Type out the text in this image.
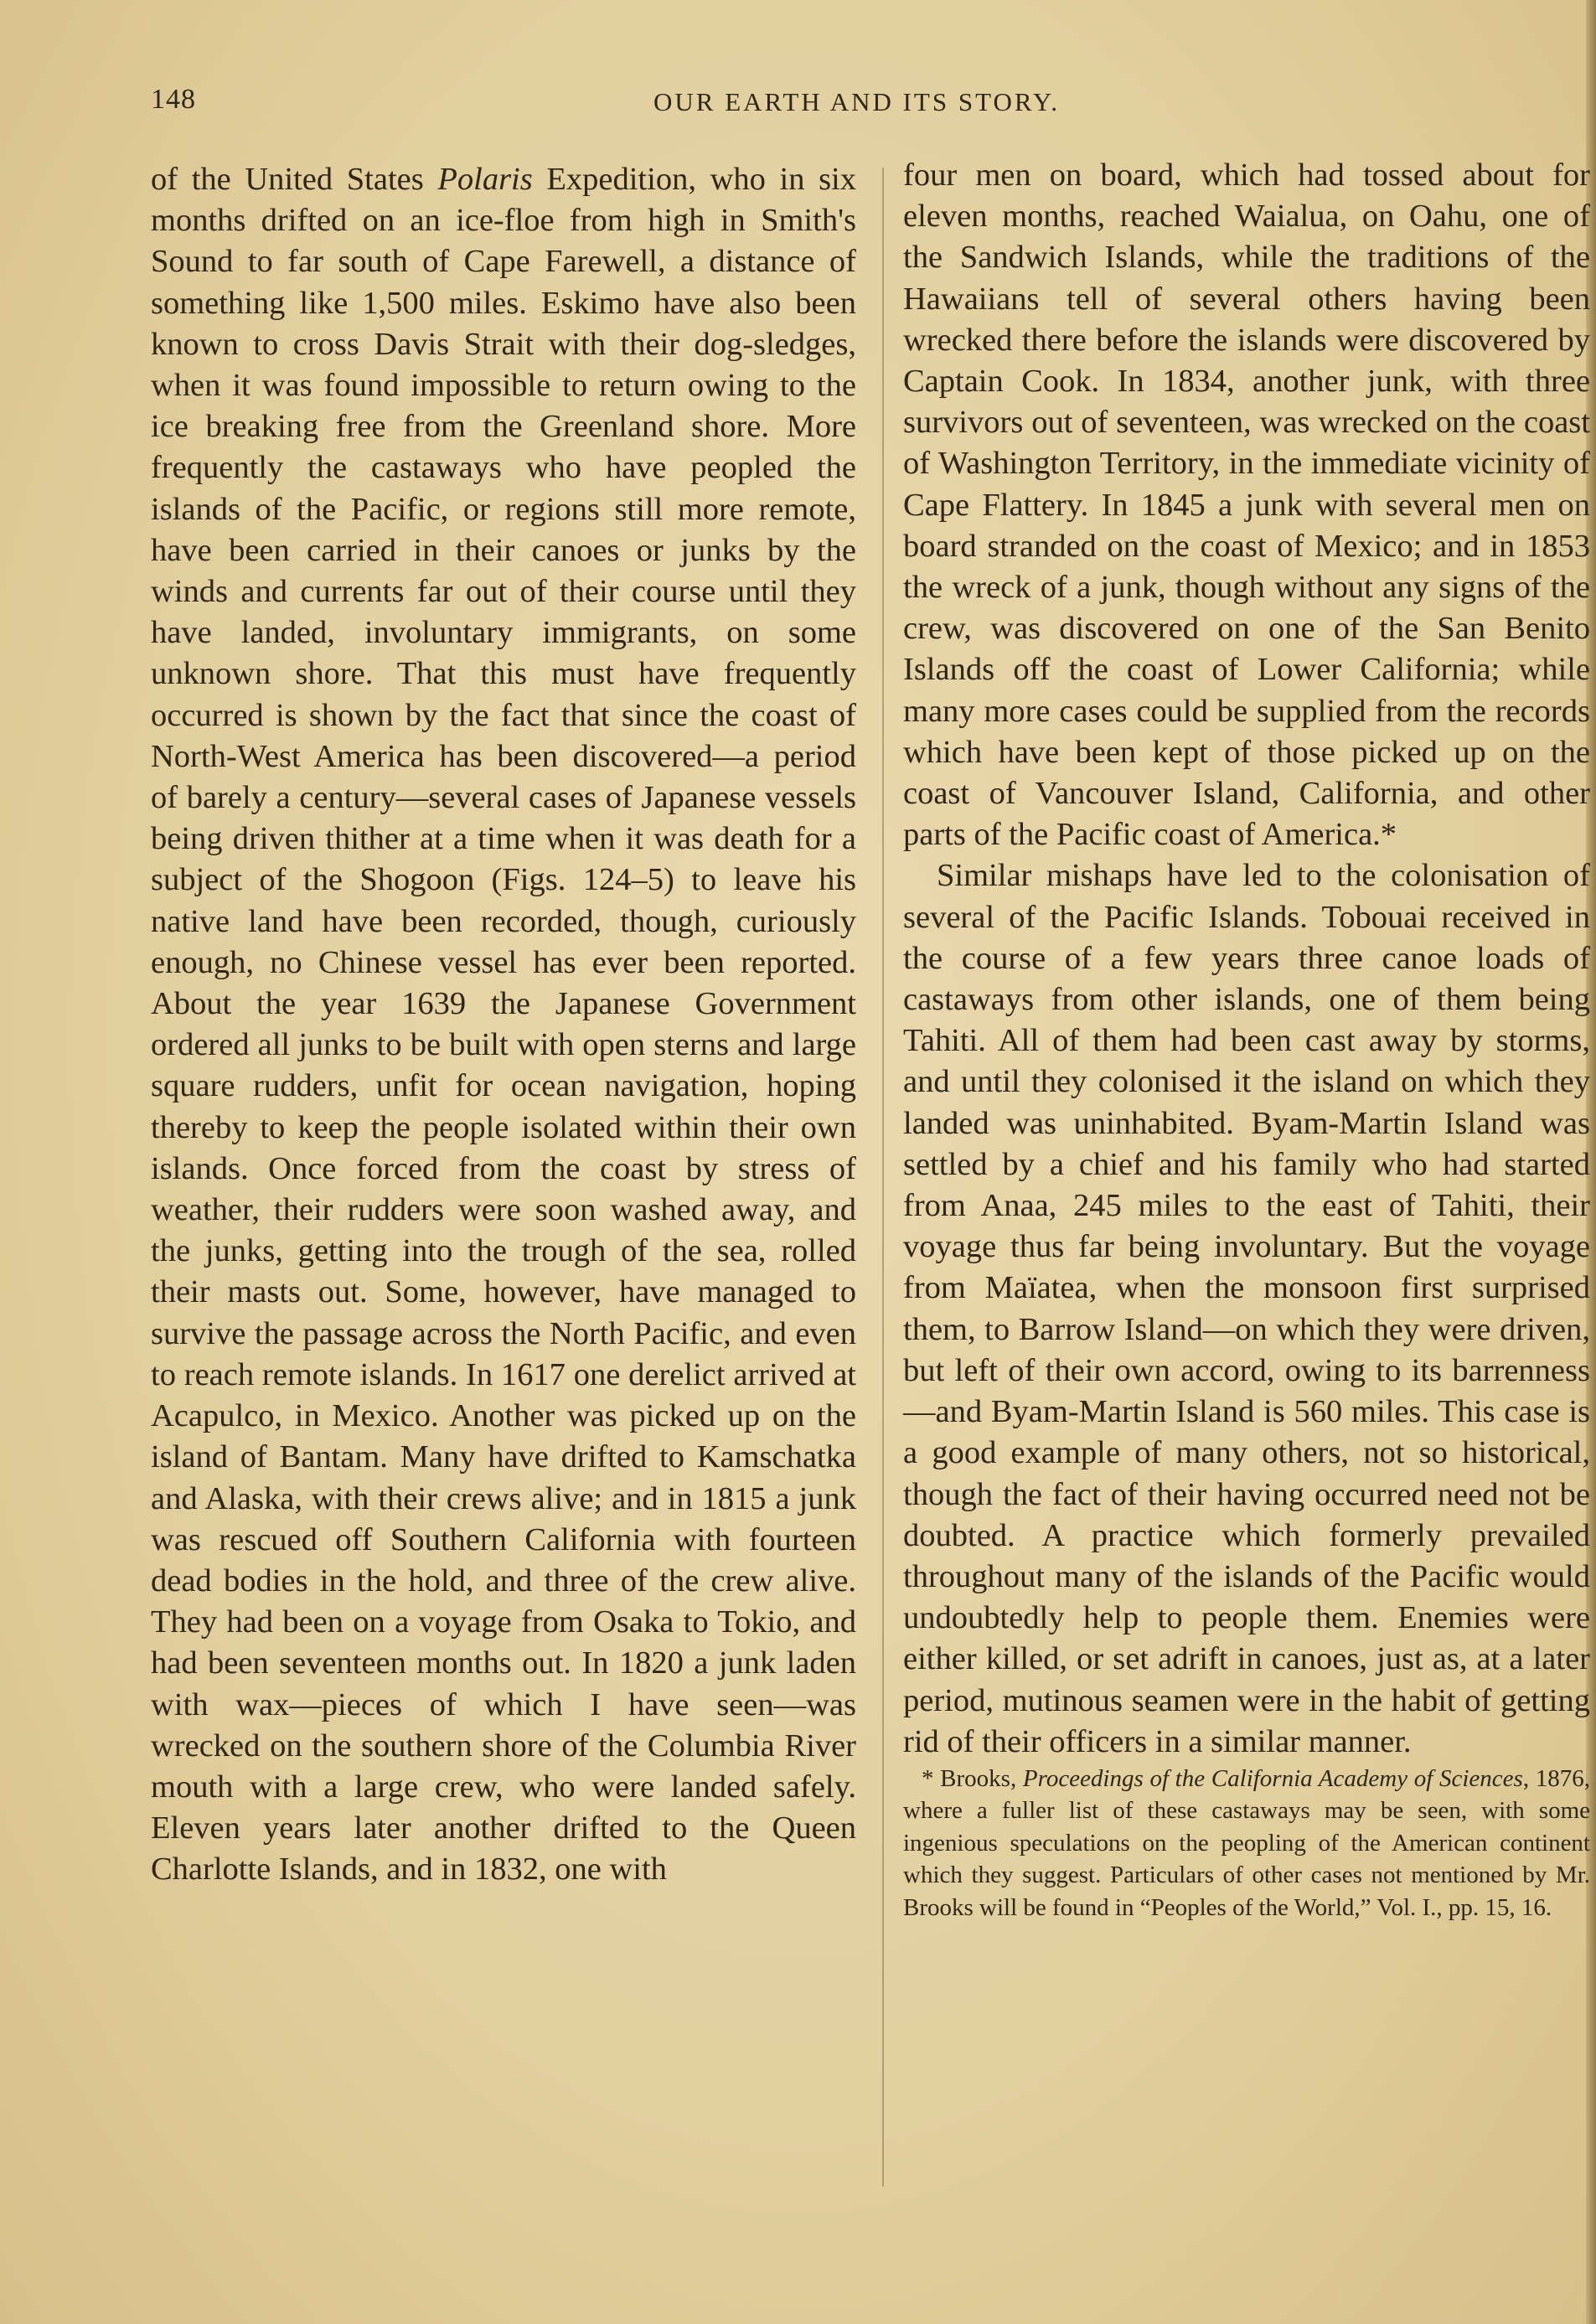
148	OUR EARTH AND ITS STORY.

of the United States Polaris Expedition, who in six months drifted on an ice-floe from high in Smith's Sound to far south of Cape Farewell, a distance of something like 1,500 miles. Eskimo have also been known to cross Davis Strait with their dog-sledges, when it was found impossible to return owing to the ice breaking free from the Greenland shore. More frequently the castaways who have peopled the islands of the Pacific, or regions still more remote, have been carried in their canoes or junks by the winds and currents far out of their course until they have landed, involuntary immigrants, on some unknown shore. That this must have frequently occurred is shown by the fact that since the coast of North-West America has been discovered—a period of barely a century—several cases of Japanese vessels being driven thither at a time when it was death for a subject of the Shogoon (Figs. 124–5) to leave his native land have been recorded, though, curiously enough, no Chinese vessel has ever been reported. About the year 1639 the Japanese Government ordered all junks to be built with open sterns and large square rudders, unfit for ocean navigation, hoping thereby to keep the people isolated within their own islands. Once forced from the coast by stress of weather, their rudders were soon washed away, and the junks, getting into the trough of the sea, rolled their masts out. Some, however, have managed to survive the passage across the North Pacific, and even to reach remote islands. In 1617 one derelict arrived at Acapulco, in Mexico. Another was picked up on the island of Bantam. Many have drifted to Kamschatka and Alaska, with their crews alive; and in 1815 a junk was rescued off Southern California with fourteen dead bodies in the hold, and three of the crew alive. They had been on a voyage from Osaka to Tokio, and had been seventeen months out. In 1820 a junk laden with wax—pieces of which I have seen—was wrecked on the southern shore of the Columbia River mouth with a large crew, who were landed safely. Eleven years later another drifted to the Queen Charlotte Islands, and in 1832, one with

four men on board, which had tossed about for eleven months, reached Waialua, on Oahu, one of the Sandwich Islands, while the traditions of the Hawaiians tell of several others having been wrecked there before the islands were discovered by Captain Cook. In 1834, another junk, with three survivors out of seventeen, was wrecked on the coast of Washington Territory, in the immediate vicinity of Cape Flattery. In 1845 a junk with several men on board stranded on the coast of Mexico; and in 1853 the wreck of a junk, though without any signs of the crew, was discovered on one of the San Benito Islands off the coast of Lower California; while many more cases could be supplied from the records which have been kept of those picked up on the coast of Vancouver Island, California, and other parts of the Pacific coast of America.*

Similar mishaps have led to the colonisation of several of the Pacific Islands. Tobouai received in the course of a few years three canoe loads of castaways from other islands, one of them being Tahiti. All of them had been cast away by storms, and until they colonised it the island on which they landed was uninhabited. Byam-Martin Island was settled by a chief and his family who had started from Anaa, 245 miles to the east of Tahiti, their voyage thus far being involuntary. But the voyage from Maïatea, when the monsoon first surprised them, to Barrow Island—on which they were driven, but left of their own accord, owing to its barrenness—and Byam-Martin Island is 560 miles. This case is a good example of many others, not so historical, though the fact of their having occurred need not be doubted. A practice which formerly prevailed throughout many of the islands of the Pacific would undoubtedly help to people them. Enemies were either killed, or set adrift in canoes, just as, at a later period, mutinous seamen were in the habit of getting rid of their officers in a similar manner.

* Brooks, Proceedings of the California Academy of Sciences, 1876, where a fuller list of these castaways may be seen, with some ingenious speculations on the peopling of the American continent which they suggest. Particulars of other cases not mentioned by Mr. Brooks will be found in “Peoples of the World,” Vol. I., pp. 15, 16.
